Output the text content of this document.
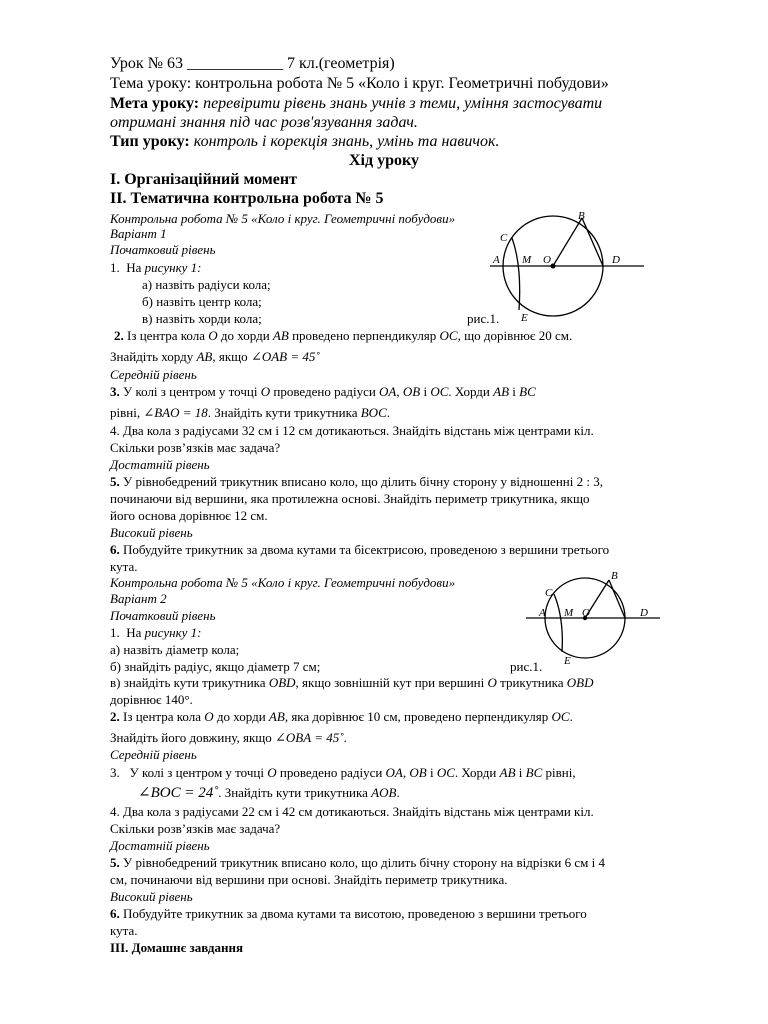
Урок № 63 ____________ 7 кл.(геометрія)
Тема уроку: контрольна робота № 5 «Коло і круг. Геометричні побудови»
Мета уроку: перевірити рівень знань учнів з теми, уміння застосувати
отримані знання під час розв'язування задач.
Тип уроку: контроль і корекція знань, умінь та навичок.
Хід уроку
I. Організаційний момент
II. Тематична контрольна робота № 5
Контрольна робота № 5 «Коло і круг. Геометричні побудови»
Варіант 1
Початковий рівень
1. На рисунку 1:
а) назвіть радіуси кола;
б) назвіть центр кола;
в) назвіть хорди кола;	рис.1.
B
C
A M O	D
E
2. Із центра кола O до хорди AB проведено перпендикуляр OC, що дорівнює 20 см.
Знайдіть хорду AB, якщо ∠OAB = 45˚
Середній рівень
3. У колі з центром у точці O проведено радіуси OA, OB і OC. Хорди AB і BC
рівні, ∠BAO = 18. Знайдіть кути трикутника BOC.
4. Два кола з радіусами 32 см і 12 см дотикаються. Знайдіть відстань між центрами кіл.
Скільки розв’язків має задача?
Достатній рівень
5. У рівнобедрений трикутник вписано коло, що ділить бічну сторону у відношенні 2 : 3,
починаючи від вершини, яка протилежна основі. Знайдіть периметр трикутника, якщо
його основа дорівнює 12 см.
Високий рівень
6. Побудуйте трикутник за двома кутами та бісектрисою, проведеною з вершини третього
кута.
Контрольна робота № 5 «Коло і круг. Геометричні побудови»
Варіант 2
Початковий рівень
1. На рисунку 1:
а) назвіть діаметр кола;
б) знайдіть радіус, якщо діаметр 7 см;	рис.1.
B
C
A M O	D
E
в) знайдіть кути трикутника OBD, якщо зовнішній кут при вершині O трикутника OBD
дорівнює 140°.
2. Із центра кола O до хорди AB, яка дорівнює 10 см, проведено перпендикуляр OC.
Знайдіть його довжину, якщо ∠OBA = 45˚.
Середній рівень
3. У колі з центром у точці O проведено радіуси OA, OB і OC. Хорди AB і BC рівні,
∠BOC = 24˚. Знайдіть кути трикутника AOB.
4. Два кола з радіусами 22 см і 42 см дотикаються. Знайдіть відстань між центрами кіл.
Скільки розв’язків має задача?
Достатній рівень
5. У рівнобедрений трикутник вписано коло, що ділить бічну сторону на відрізки 6 см і 4
см, починаючи від вершини при основі. Знайдіть периметр трикутника.
Високий рівень
6. Побудуйте трикутник за двома кутами та висотою, проведеною з вершини третього
кута.
III. Домашнє завдання
